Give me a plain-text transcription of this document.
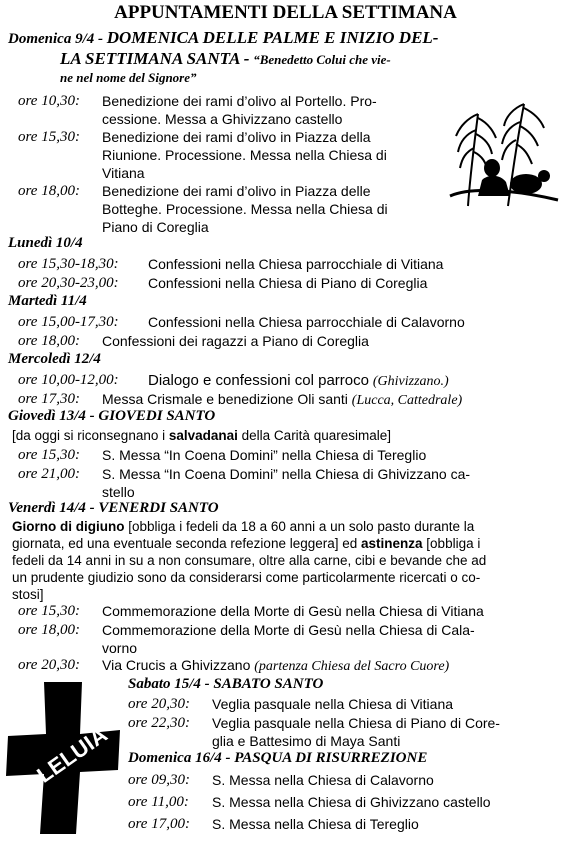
APPUNTAMENTI DELLA SETTIMANA
Domenica 9/4 - DOMENICA DELLE PALME E INIZIO DEL-
LA SETTIMANA SANTA - “Benedetto Colui che vie-
ne nel nome del Signore”
ore 10,30: Benedizione dei rami d’olivo al Portello. Pro-
cessione. Messa a Ghivizzano castello
ore 15,30: Benedizione dei rami d’olivo in Piazza della
Riunione. Processione. Messa nella Chiesa di
Vitiana
ore 18,00: Benedizione dei rami d’olivo in Piazza delle
Botteghe. Processione. Messa nella Chiesa di
Piano di Coreglia
Lunedì 10/4
ore 15,30-18,30: Confessioni nella Chiesa parrocchiale di Vitiana
ore 20,30-23,00: Confessioni nella Chiesa di Piano di Coreglia
Martedì 11/4
ore 15,00-17,30: Confessioni nella Chiesa parrocchiale di Calavorno
ore 18,00: Confessioni dei ragazzi a Piano di Coreglia
Mercoledì 12/4
ore 10,00-12,00: Dialogo e confessioni col parroco (Ghivizzano.)
ore 17,30: Messa Crismale e benedizione Oli santi (Lucca, Cattedrale)
Giovedì 13/4 - GIOVEDI SANTO
[da oggi si riconsegnano i salvadanai della Carità quaresimale]
ore 15,30: S. Messa “In Coena Domini” nella Chiesa di Tereglio
ore 21,00: S. Messa “In Coena Domini” nella Chiesa di Ghivizzano ca-
stello
Venerdì 14/4 - VENERDI SANTO
Giorno di digiuno [obbliga i fedeli da 18 a 60 anni a un solo pasto durante la
giornata, ed una eventuale seconda refezione leggera] ed astinenza [obbliga i
fedeli da 14 anni in su a non consumare, oltre alla carne, cibi e bevande che ad
un prudente giudizio sono da considerarsi come particolarmente ricercati o co-
stosi]
ore 15,30: Commemorazione della Morte di Gesù nella Chiesa di Vitiana
ore 18,00: Commemorazione della Morte di Gesù nella Chiesa di Cala-
vorno
ore 20,30: Via Crucis a Ghivizzano (partenza Chiesa del Sacro Cuore)
ALLELUIA
Sabato 15/4 - SABATO SANTO
ore 20,30: Veglia pasquale nella Chiesa di Vitiana
ore 22,30: Veglia pasquale nella Chiesa di Piano di Core-
glia e Battesimo di Maya Santi
Domenica 16/4 - PASQUA DI RISURREZIONE
ore 09,30: S. Messa nella Chiesa di Calavorno
ore 11,00: S. Messa nella Chiesa di Ghivizzano castello
ore 17,00: S. Messa nella Chiesa di Tereglio
